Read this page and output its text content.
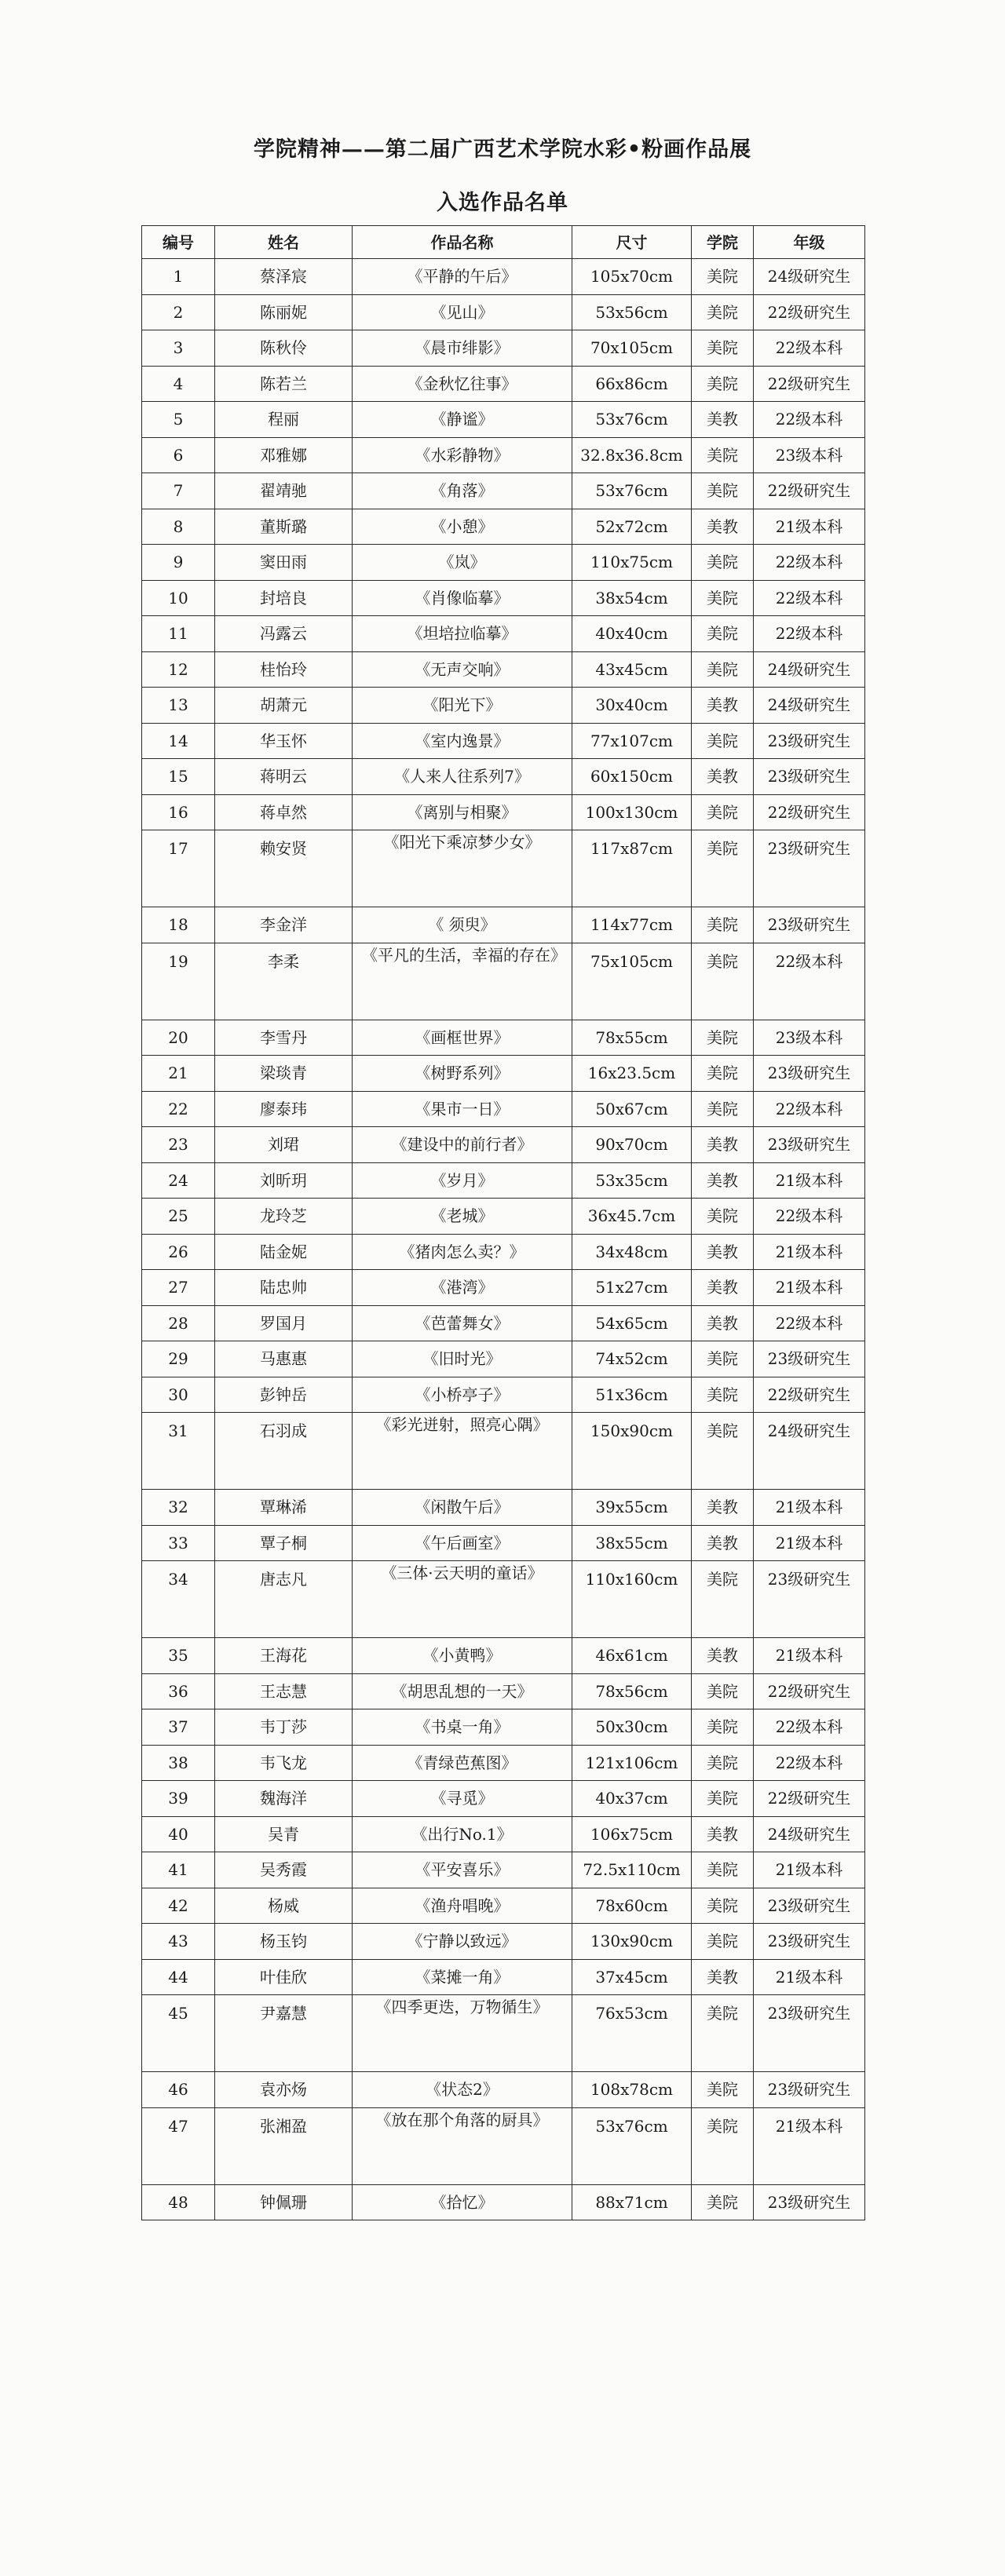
学院精神——第二届广西艺术学院水彩•粉画作品展
入选作品名单
编号	姓名	作品名称	尺寸	学院	年级
1	蔡泽宸	《平静的午后》	105x70cm	美院	24级研究生
2	陈丽妮	《见山》	53x56cm	美院	22级研究生
3	陈秋伶	《晨市绯影》	70x105cm	美院	22级本科
4	陈若兰	《金秋忆往事》	66x86cm	美院	22级研究生
5	程丽	《静谧》	53x76cm	美教	22级本科
6	邓雅娜	《水彩静物》	32.8x36.8cm	美院	23级本科
7	翟靖驰	《角落》	53x76cm	美院	22级研究生
8	董斯璐	《小憩》	52x72cm	美教	21级本科
9	窦田雨	《岚》	110x75cm	美院	22级本科
10	封培良	《肖像临摹》	38x54cm	美院	22级本科
11	冯露云	《坦培拉临摹》	40x40cm	美院	22级本科
12	桂怡玲	《无声交响》	43x45cm	美院	24级研究生
13	胡萧元	《阳光下》	30x40cm	美教	24级研究生
14	华玉怀	《室内逸景》	77x107cm	美院	23级研究生
15	蒋明云	《人来人往系列7》	60x150cm	美教	23级研究生
16	蒋卓然	《离别与相聚》	100x130cm	美院	22级研究生
17	赖安贤	《阳光下乘凉梦少女》	117x87cm	美院	23级研究生
18	李金洋	《 须臾》	114x77cm	美院	23级研究生
19	李柔	《平凡的生活，幸福的存在》	75x105cm	美院	22级本科
20	李雪丹	《画框世界》	78x55cm	美院	23级本科
21	梁琰青	《树野系列》	16x23.5cm	美院	23级研究生
22	廖泰玮	《果市一日》	50x67cm	美院	22级本科
23	刘珺	《建设中的前行者》	90x70cm	美教	23级研究生
24	刘昕玥	《岁月》	53x35cm	美教	21级本科
25	龙玲芝	《老城》	36x45.7cm	美院	22级本科
26	陆金妮	《猪肉怎么卖？》	34x48cm	美教	21级本科
27	陆忠帅	《港湾》	51x27cm	美教	21级本科
28	罗国月	《芭蕾舞女》	54x65cm	美教	22级本科
29	马惠惠	《旧时光》	74x52cm	美院	23级研究生
30	彭钟岳	《小桥亭子》	51x36cm	美院	22级研究生
31	石羽成	《彩光迸射，照亮心隅》	150x90cm	美院	24级研究生
32	覃琳浠	《闲散午后》	39x55cm	美教	21级本科
33	覃子桐	《午后画室》	38x55cm	美教	21级本科
34	唐志凡	《三体·云天明的童话》	110x160cm	美院	23级研究生
35	王海花	《小黄鸭》	46x61cm	美教	21级本科
36	王志慧	《胡思乱想的一天》	78x56cm	美院	22级研究生
37	韦丁莎	《书桌一角》	50x30cm	美院	22级本科
38	韦飞龙	《青绿芭蕉图》	121x106cm	美院	22级本科
39	魏海洋	《寻觅》	40x37cm	美院	22级研究生
40	吴青	《出行No.1》	106x75cm	美教	24级研究生
41	吴秀霞	《平安喜乐》	72.5x110cm	美院	21级本科
42	杨威	《渔舟唱晚》	78x60cm	美院	23级研究生
43	杨玉钧	《宁静以致远》	130x90cm	美院	23级研究生
44	叶佳欣	《菜摊一角》	37x45cm	美教	21级本科
45	尹嘉慧	《四季更迭，万物循生》	76x53cm	美院	23级研究生
46	袁亦炀	《状态2》	108x78cm	美院	23级研究生
47	张湘盈	《放在那个角落的厨具》	53x76cm	美院	21级本科
48	钟佩珊	《拾忆》	88x71cm	美院	23级研究生
